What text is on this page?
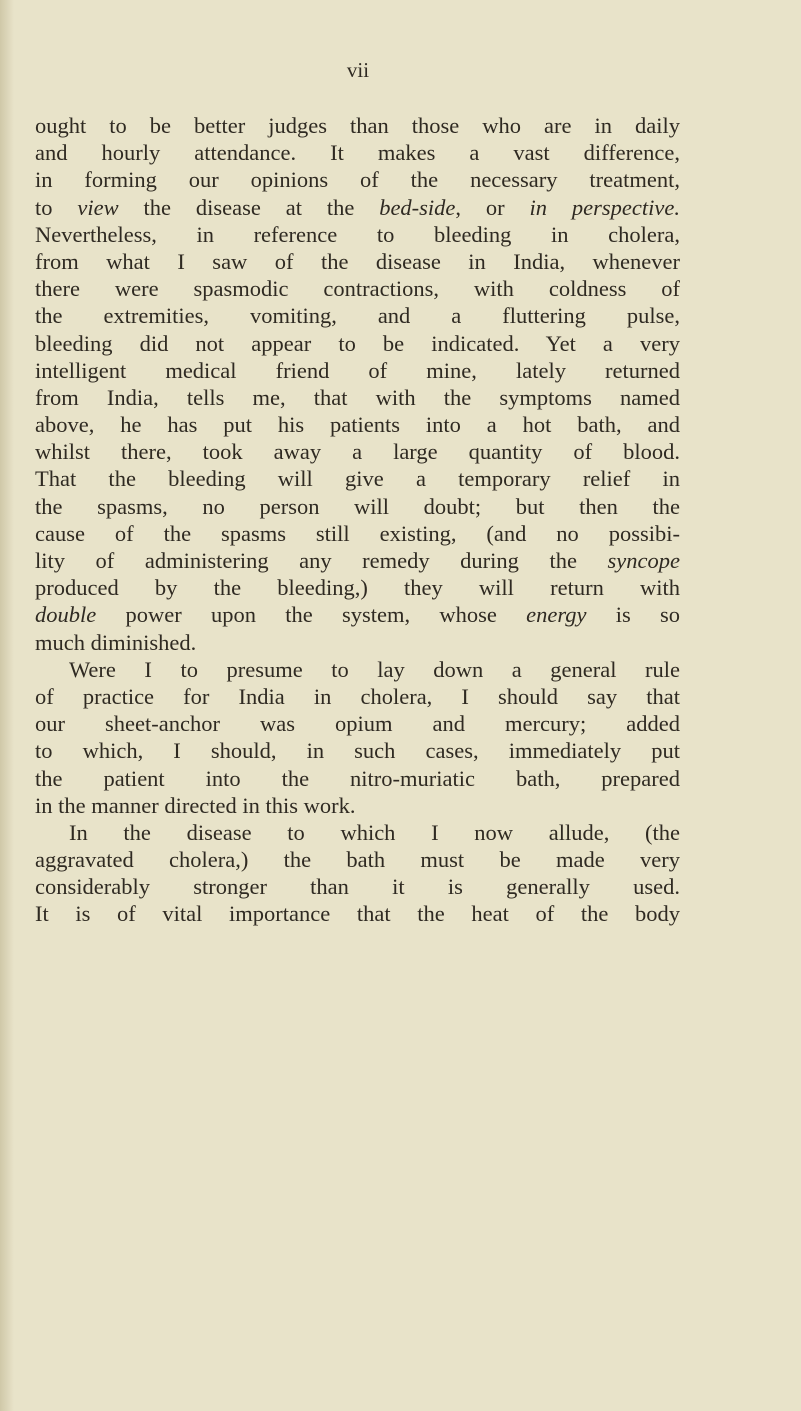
vii
ought to be better judges than those who are in daily
and hourly attendance. It makes a vast difference,
in forming our opinions of the necessary treatment,
to view the disease at the bed-side, or in perspective.
Nevertheless, in reference to bleeding in cholera,
from what I saw of the disease in India, whenever
there were spasmodic contractions, with coldness of
the extremities, vomiting, and a fluttering pulse,
bleeding did not appear to be indicated. Yet a very
intelligent medical friend of mine, lately returned
from India, tells me, that with the symptoms named
above, he has put his patients into a hot bath, and
whilst there, took away a large quantity of blood.
That the bleeding will give a temporary relief in
the spasms, no person will doubt; but then the
cause of the spasms still existing, (and no possibi-
lity of administering any remedy during the syncope
produced by the bleeding,) they will return with
double power upon the system, whose energy is so
much diminished.
Were I to presume to lay down a general rule
of practice for India in cholera, I should say that
our sheet-anchor was opium and mercury; added
to which, I should, in such cases, immediately put
the patient into the nitro-muriatic bath, prepared
in the manner directed in this work.
In the disease to which I now allude, (the
aggravated cholera,) the bath must be made very
considerably stronger than it is generally used.
It is of vital importance that the heat of the body
